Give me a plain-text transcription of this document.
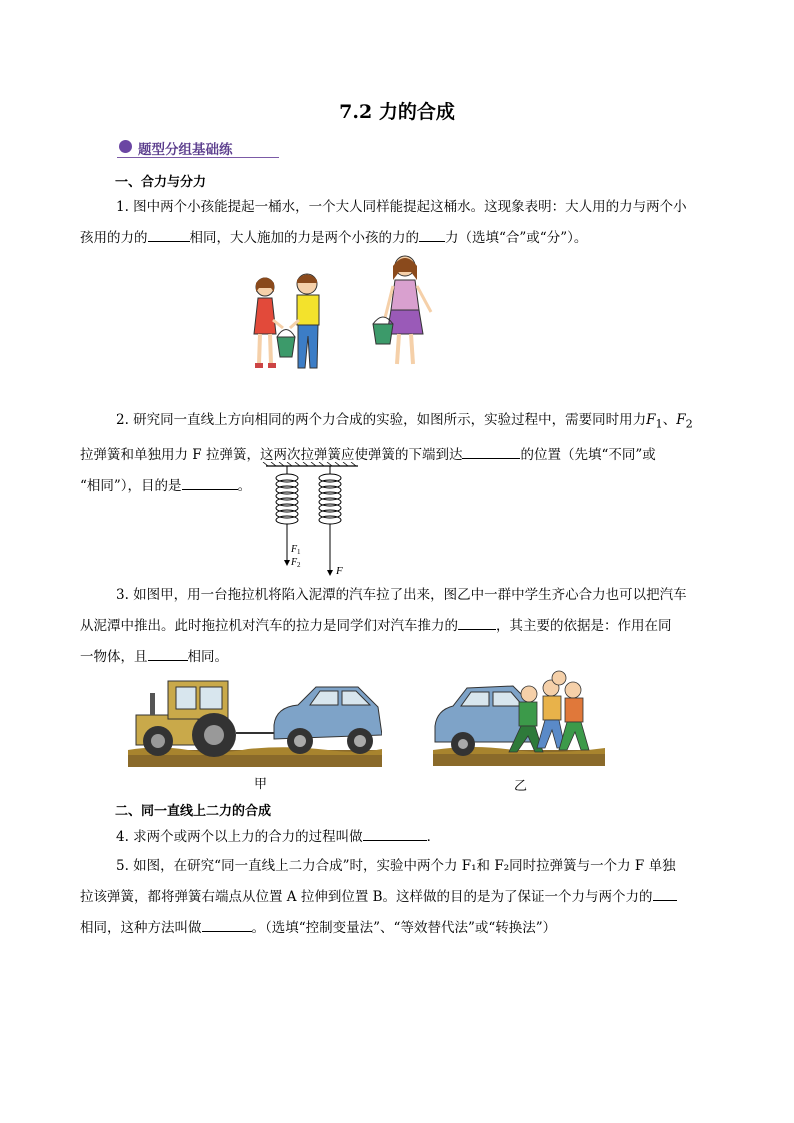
7.2 力的合成
题型分组基础练
一、合力与分力
1. 图中两个小孩能提起一桶水，一个大人同样能提起这桶水。这现象表明：大人用的力与两个小
孩用的力的	相同，大人施加的力是两个小孩的力的 力（选填“合”或“分”）。
2. 研究同一直线上方向相同的两个力合成的实验，如图所示，实验过程中，需要同时用力$F_1$、$F_2$
拉弹簧和单独用力 F 拉弹簧，这两次拉弹簧应使弹簧的下端到达	的位置（先填“不同”或
“相同”），目的是	。
F 1
F 2	F
3. 如图甲，用一台拖拉机将陷入泥潭的汽车拉了出来，图乙中一群中学生齐心合力也可以把汽车
从泥潭中推出。此时拖拉机对汽车的拉力是同学们对汽车推力的	，其主要的依据是：作用在同
一物体，且	相同。
甲	乙
二、同一直线上二力的合成
4. 求两个或两个以上力的合力的过程叫做	．
5. 如图，在研究“同一直线上二力合成”时，实验中两个力 F₁和 F₂同时拉弹簧与一个力 F 单独
拉该弹簧，都将弹簧右端点从位置 A 拉伸到位置 B。这样做的目的是为了保证一个力与两个力的
相同，这种方法叫做	。（选填“控制变量法”、“等效替代法”或“转换法”）
